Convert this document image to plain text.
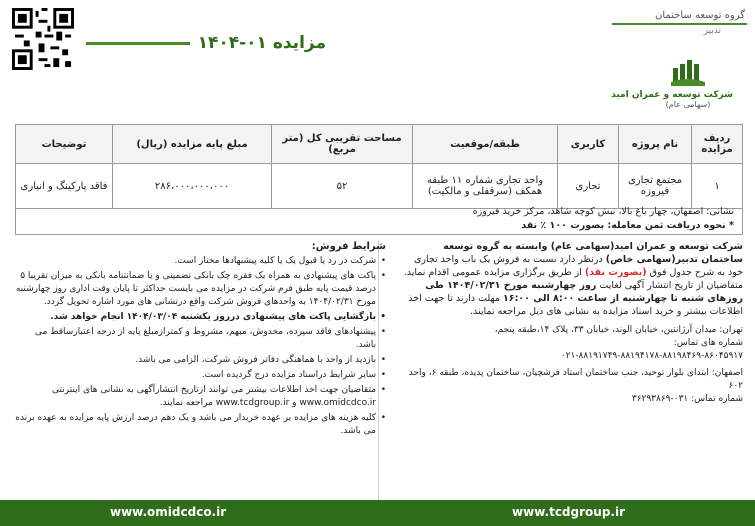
مزایده ۰۱-۱۴۰۴
گروه توسعه ساختمان
تدبیر
شرکت توسعه و عمران امید
(سهامی عام)
ردیف مزایده	نام پروژه	کاربری	طبقه/موقعیت	مساحت تقریبی کل (متر مربع)	مبلغ پایه مزایده (ریال)	توضیحات
۱	مجتمع تجاری فیروزه	تجاری	واحد تجاری شماره ۱۱ طبقه همکف (سرقفلی و مالکیت)	۵۲	۲۸۶،۰۰۰،۰۰۰،۰۰۰	فاقد پارکینگ و انباری
نشانی: اصفهان، چهار باغ بالا، نبش کوچه شاهد، مرکز خرید فیروزه
* نحوه دریافت ثمن معامله: بصورت ۱۰۰ ٪ نقد

شرکت توسعه و عمران امید(سهامی عام) وابسته به گروه توسعه ساختمان تدبیر(سهامی خاص) درنظر دارد نسبت به فروش یک باب واحد تجاری خود به شرح جدول فوق (بصورت نقد) از طریق برگزاری مزایده عمومی اقدام نماید. متقاضیان از تاریخ انتشار آگهی لغایت روز چهارشنبه مورخ ۱۴۰۴/۰۲/۳۱ طی روزهای شنبه تا چهارشنبه از ساعت ۸:۰۰ الی ۱۶:۰۰ مهلت دارند تا جهت اخذ اطلاعات بیشتر و خرید اسناد مزایده به نشانی های ذیل مراجعه نمایند.

تهران: میدان آرژانتین، خیابان الوند، خیابان ۳۳، پلاک ۱۴،طبقه پنجم،
شماره های تماس:
۰۲۱-۸۸۱۹۱۷۴۹-۸۸۱۹۴۱۷۸-۸۸۱۹۸۴۶۹-۸۶۰۴۵۹۱۷
اصفهان: ابتدای بلوار توحید، جنب ساختمان استاد فرشچیان، ساختمان پدیده، طبقه ۶، واحد ۶۰۲
شماره تماس: ۰۳۱-۳۶۲۹۳۸۶۹
شرایط فروش:
• شرکت در رد یا قبول یک یا کلیه پیشنهادها مختار است.
• پاکت های پیشنهادی به همراه یک فقره چک بانکی تضمینی و یا ضمانتنامه بانکی به میزان تقریبا ۵ درصد قیمت پایه طبق فرم شرکت در مزایده می بایست حداکثر تا پایان وقت اداری روز چهارشنبه مورخ ۱۴۰۴/۰۲/۳۱ به واحدهای فروش شرکت واقع درنشانی های مورد اشاره تحویل گردد.
• بازگشایی پاکت های پیشنهادی درروز یکشنبه ۱۴۰۴/۰۳/۰۴ انجام خواهد شد.
• پیشنهادهای فاقد سپرده، مخدوش، مبهم، مشروط و کمترازمبلغ پایه از درجه اعتبارساقط می باشد.
• بازدید از واحد با هماهنگی دفاتر فروش شرکت، الزامی می باشد.
• سایر شرایط دراسناد مزایده درج گردیده است.
• متقاضیان جهت اخذ اطلاعات بیشتر می توانند ازتاریخ انتشارآگهی به نشانی های اینترنتی www.omidcdco.ir و www.tcdgroup.ir مراجعه نمایند.
• کلیه هزینه های مزایده بر عهده خریدار می باشد و یک دهم درصد ارزش پایه مزایده به عهده برنده می باشد.
www.omidcdco.ir	www.tcdgroup.ir
